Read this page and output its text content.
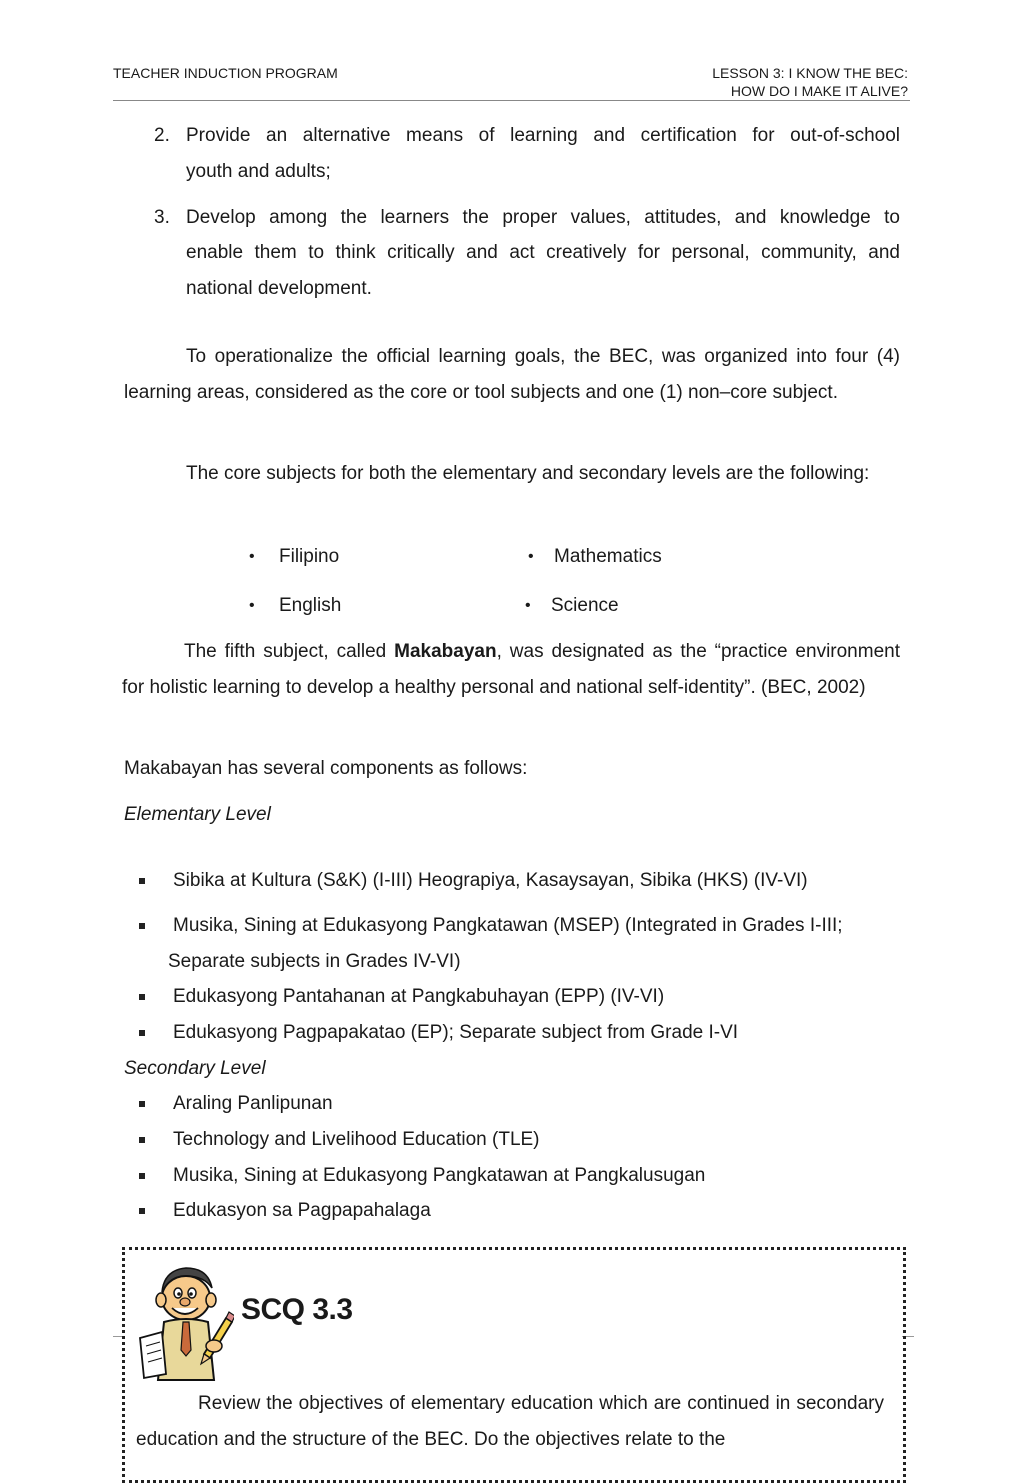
TEACHER INDUCTION PROGRAM	LESSON 3: I KNOW THE BEC:
HOW DO I MAKE IT ALIVE?
2. Provide an alternative means of learning and certification for out-of-school
youth and adults;
3. Develop among the learners the proper values, attitudes, and knowledge to
enable them to think critically and act creatively for personal, community, and
national development.
To operationalize the official learning goals, the BEC, was organized into four (4) learning areas, considered as the core or tool subjects and one (1) non–core subject.
The core subjects for both the elementary and secondary levels are the following:
• Filipino	• Mathematics
• English	• Science
The fifth subject, called Makabayan, was designated as the “practice environment for holistic learning to develop a healthy personal and national self-identity”. (BEC, 2002)
Makabayan has several components as follows:
Elementary Level
Sibika at Kultura (S&K) (I-III) Heograpiya, Kasaysayan, Sibika (HKS) (IV-VI)
Musika, Sining at Edukasyong Pangkatawan (MSEP) (Integrated in Grades I-III;
Separate subjects in Grades IV-VI)
Edukasyong Pantahanan at Pangkabuhayan (EPP) (IV-VI)
Edukasyong Pagpapakatao (EP); Separate subject from Grade I-VI
Secondary Level
Araling Panlipunan
Technology and Livelihood Education (TLE)
Musika, Sining at Edukasyong Pangkatawan at Pangkalusugan
Edukasyon sa Pagpapahalaga
SCQ 3.3
Review the objectives of elementary education which are continued in secondary education and the structure of the BEC. Do the objectives relate to the
